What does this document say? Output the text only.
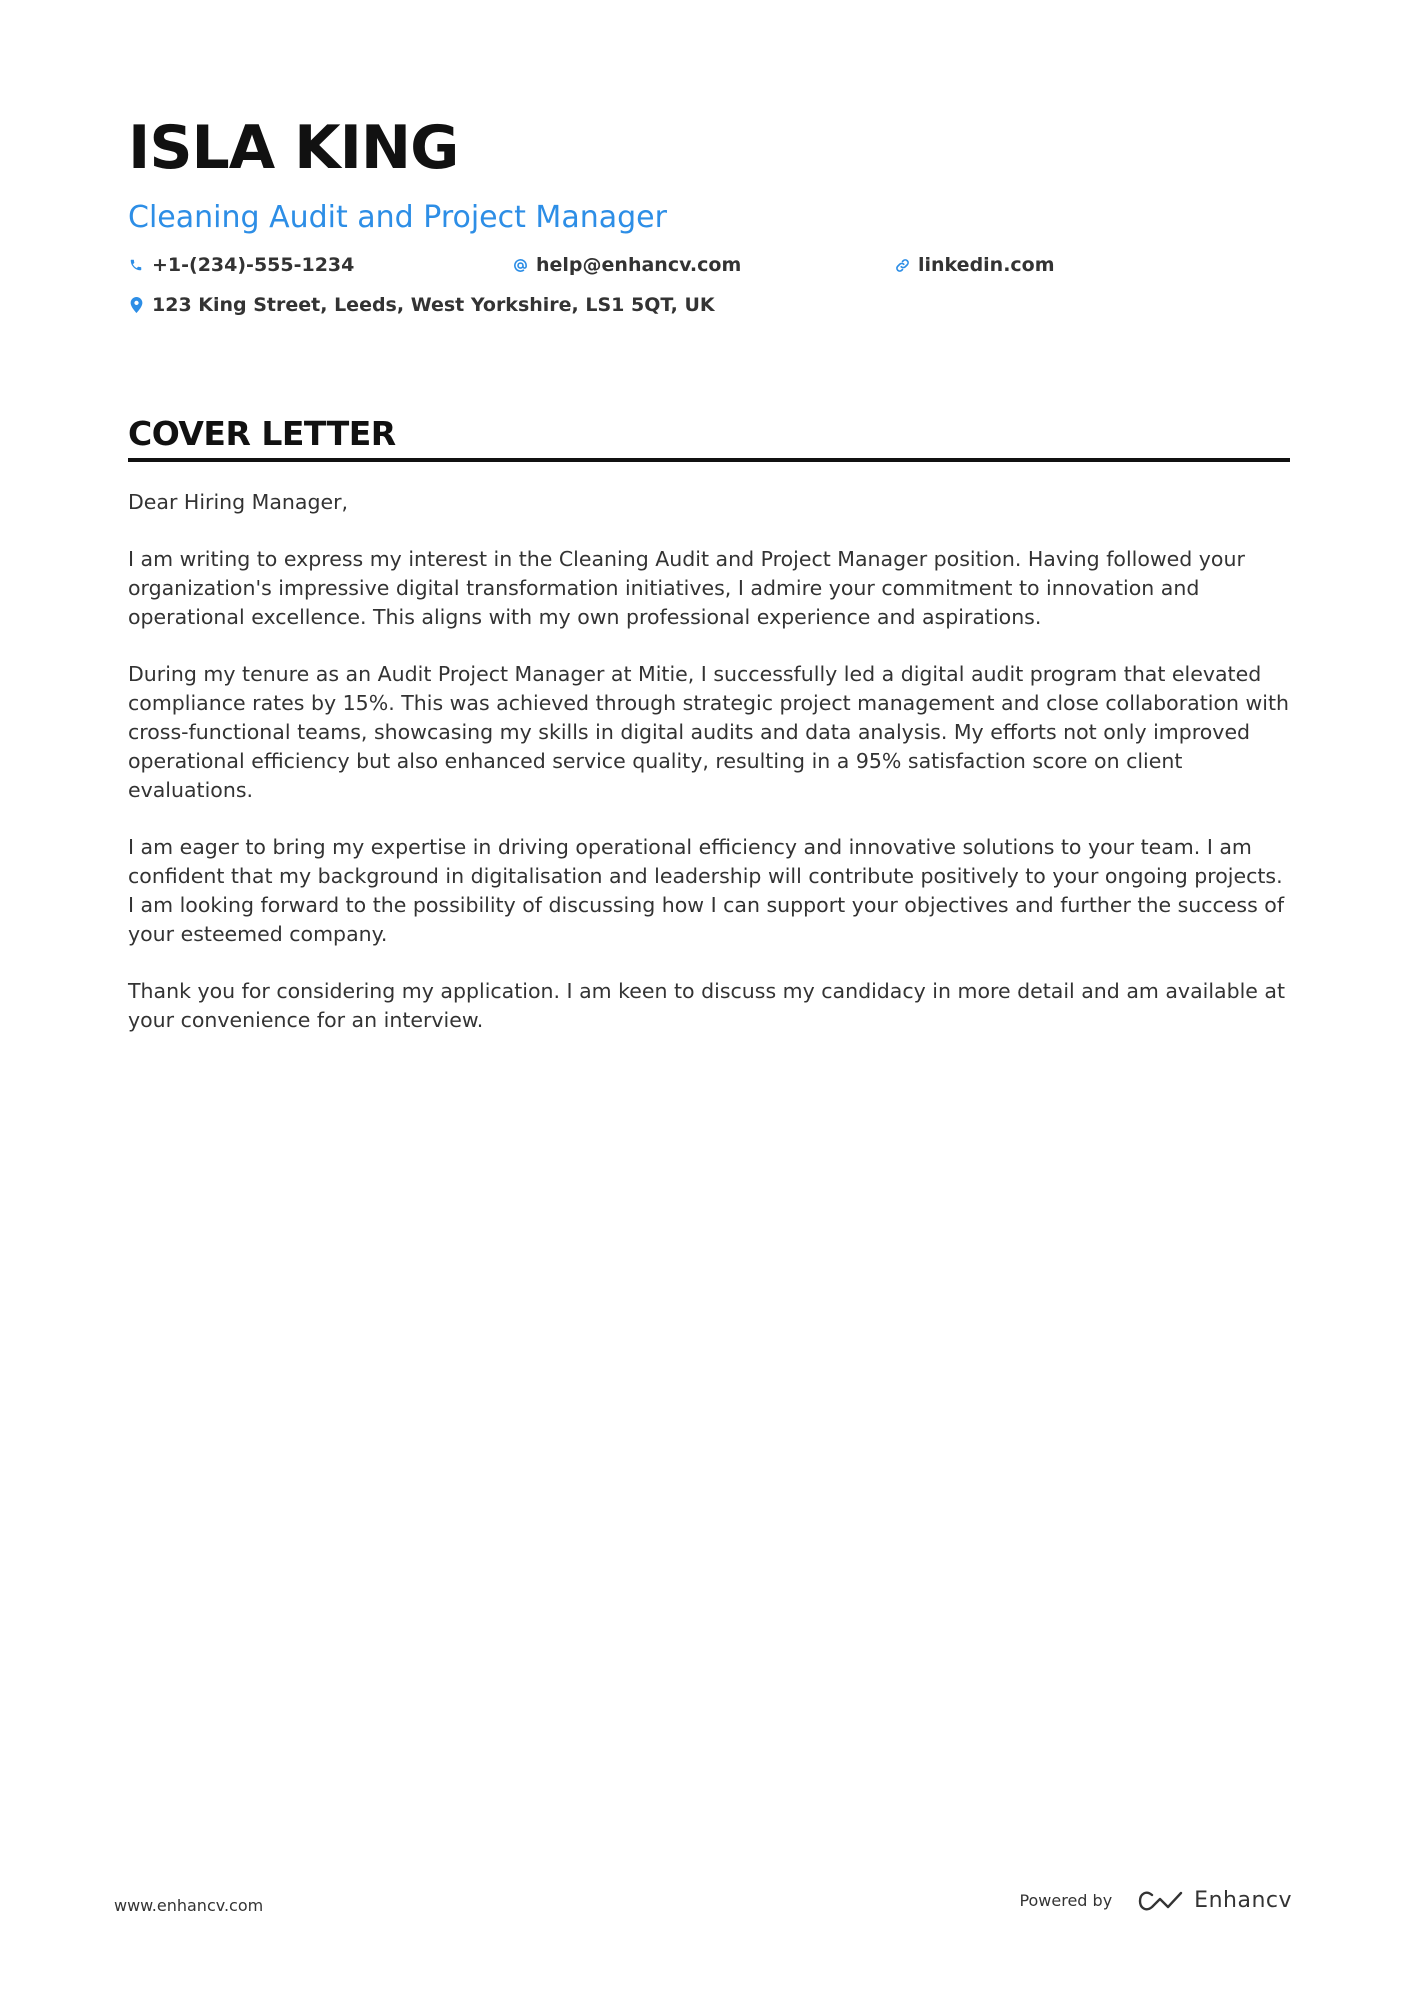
ISLA KING
Cleaning Audit and Project Manager
+1-(234)-555-1234	help@enhancv.com	linkedin.com
123 King Street, Leeds, West Yorkshire, LS1 5QT, UK
COVER LETTER

Dear Hiring Manager,

I am writing to express my interest in the Cleaning Audit and Project Manager position. Having followed your organization's impressive digital transformation initiatives, I admire your commitment to innovation and operational excellence. This aligns with my own professional experience and aspirations.

During my tenure as an Audit Project Manager at Mitie, I successfully led a digital audit program that elevated compliance rates by 15%. This was achieved through strategic project management and close collaboration with cross-functional teams, showcasing my skills in digital audits and data analysis. My efforts not only improved operational efficiency but also enhanced service quality, resulting in a 95% satisfaction score on client evaluations.

I am eager to bring my expertise in driving operational efficiency and innovative solutions to your team. I am confident that my background in digitalisation and leadership will contribute positively to your ongoing projects. I am looking forward to the possibility of discussing how I can support your objectives and further the success of your esteemed company.

Thank you for considering my application. I am keen to discuss my candidacy in more detail and am available at your convenience for an interview.

www.enhancv.com	Powered by	Enhancv
